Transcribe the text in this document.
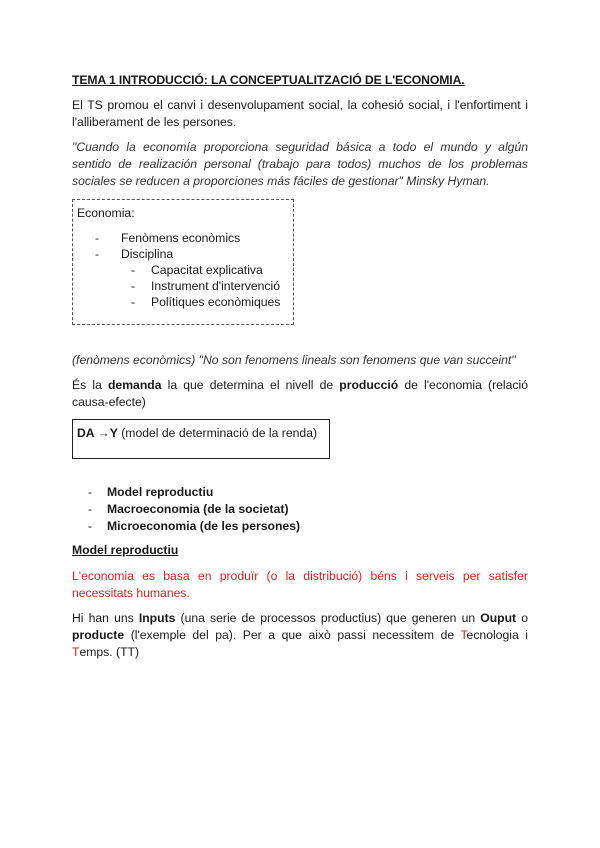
TEMA 1 INTRODUCCIÓ: LA CONCEPTUALITZACIÓ DE L'ECONOMIA.

El TS promou el canvi i desenvolupament social, la cohesió social, i l'enfortiment i l'alliberament de les persones.

"Cuando la economía proporciona seguridad básica a todo el mundo y algún sentido de realización personal (trabajo para todos) muchos de los problemas sociales se reducen a proporciones más fáciles de gestionar" Minsky Hyman.

Economia:
- Fenòmens econòmics
- Disciplina
- Capacitat explicativa
- Instrument d'intervenció
- Polítiques econòmiques

(fenòmens econòmics) "No son fenomens lineals son fenomens que van succeint"

És la demanda la que determina el nivell de producció de l'economia (relació causa-efecte)

DA →Y (model de determinació de la renda)
- Model reproductiu
- Macroeconomia (de la societat)
- Microeconomia (de les persones)
Model reproductiu

L'economia es basa en produïr (o la distribució) béns i serveis per satisfer necessitats humanes.

Hi han uns Inputs (una serie de processos productius) que generen un Ouput o producte (l'exemple del pa). Per a que això passi necessitem de Tecnologia i Temps. (TT)
